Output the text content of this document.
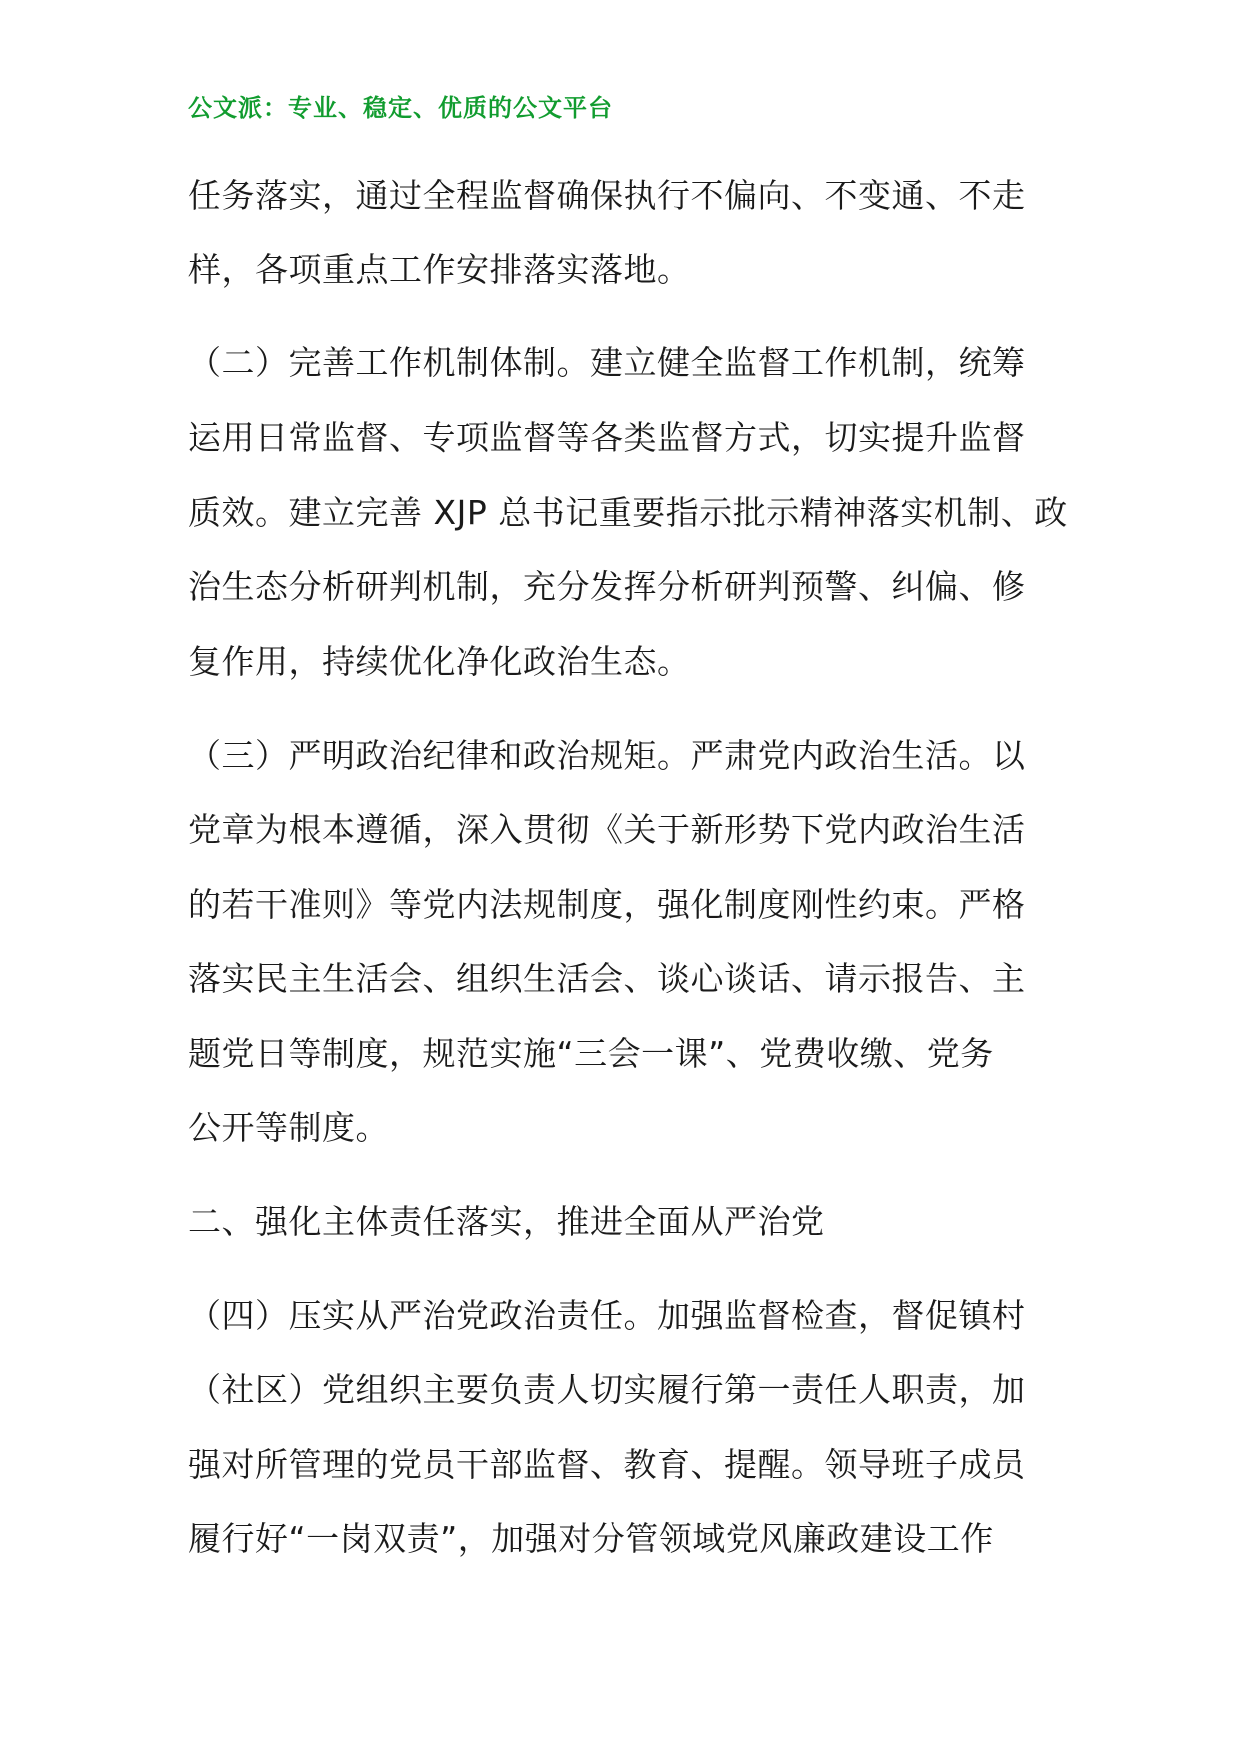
公文派：专业、稳定、优质的公文平台
任务落实，通过全程监督确保执行不偏向、不变通、不走
样，各项重点工作安排落实落地。
（二）完善工作机制体制。建立健全监督工作机制，统筹
运用日常监督、专项监督等各类监督方式，切实提升监督
质效。建立完善 XJP 总书记重要指示批示精神落实机制、政
治生态分析研判机制，充分发挥分析研判预警、纠偏、修
复作用，持续优化净化政治生态。
（三）严明政治纪律和政治规矩。严肃党内政治生活。以
党章为根本遵循，深入贯彻《关于新形势下党内政治生活
的若干准则》等党内法规制度，强化制度刚性约束。严格
落实民主生活会、组织生活会、谈心谈话、请示报告、主
题党日等制度，规范实施“三会一课”、党费收缴、党务
公开等制度。
二、强化主体责任落实，推进全面从严治党
（四）压实从严治党政治责任。加强监督检查，督促镇村
（社区）党组织主要负责人切实履行第一责任人职责，加
强对所管理的党员干部监督、教育、提醒。领导班子成员
履行好“一岗双责”，加强对分管领域党风廉政建设工作
